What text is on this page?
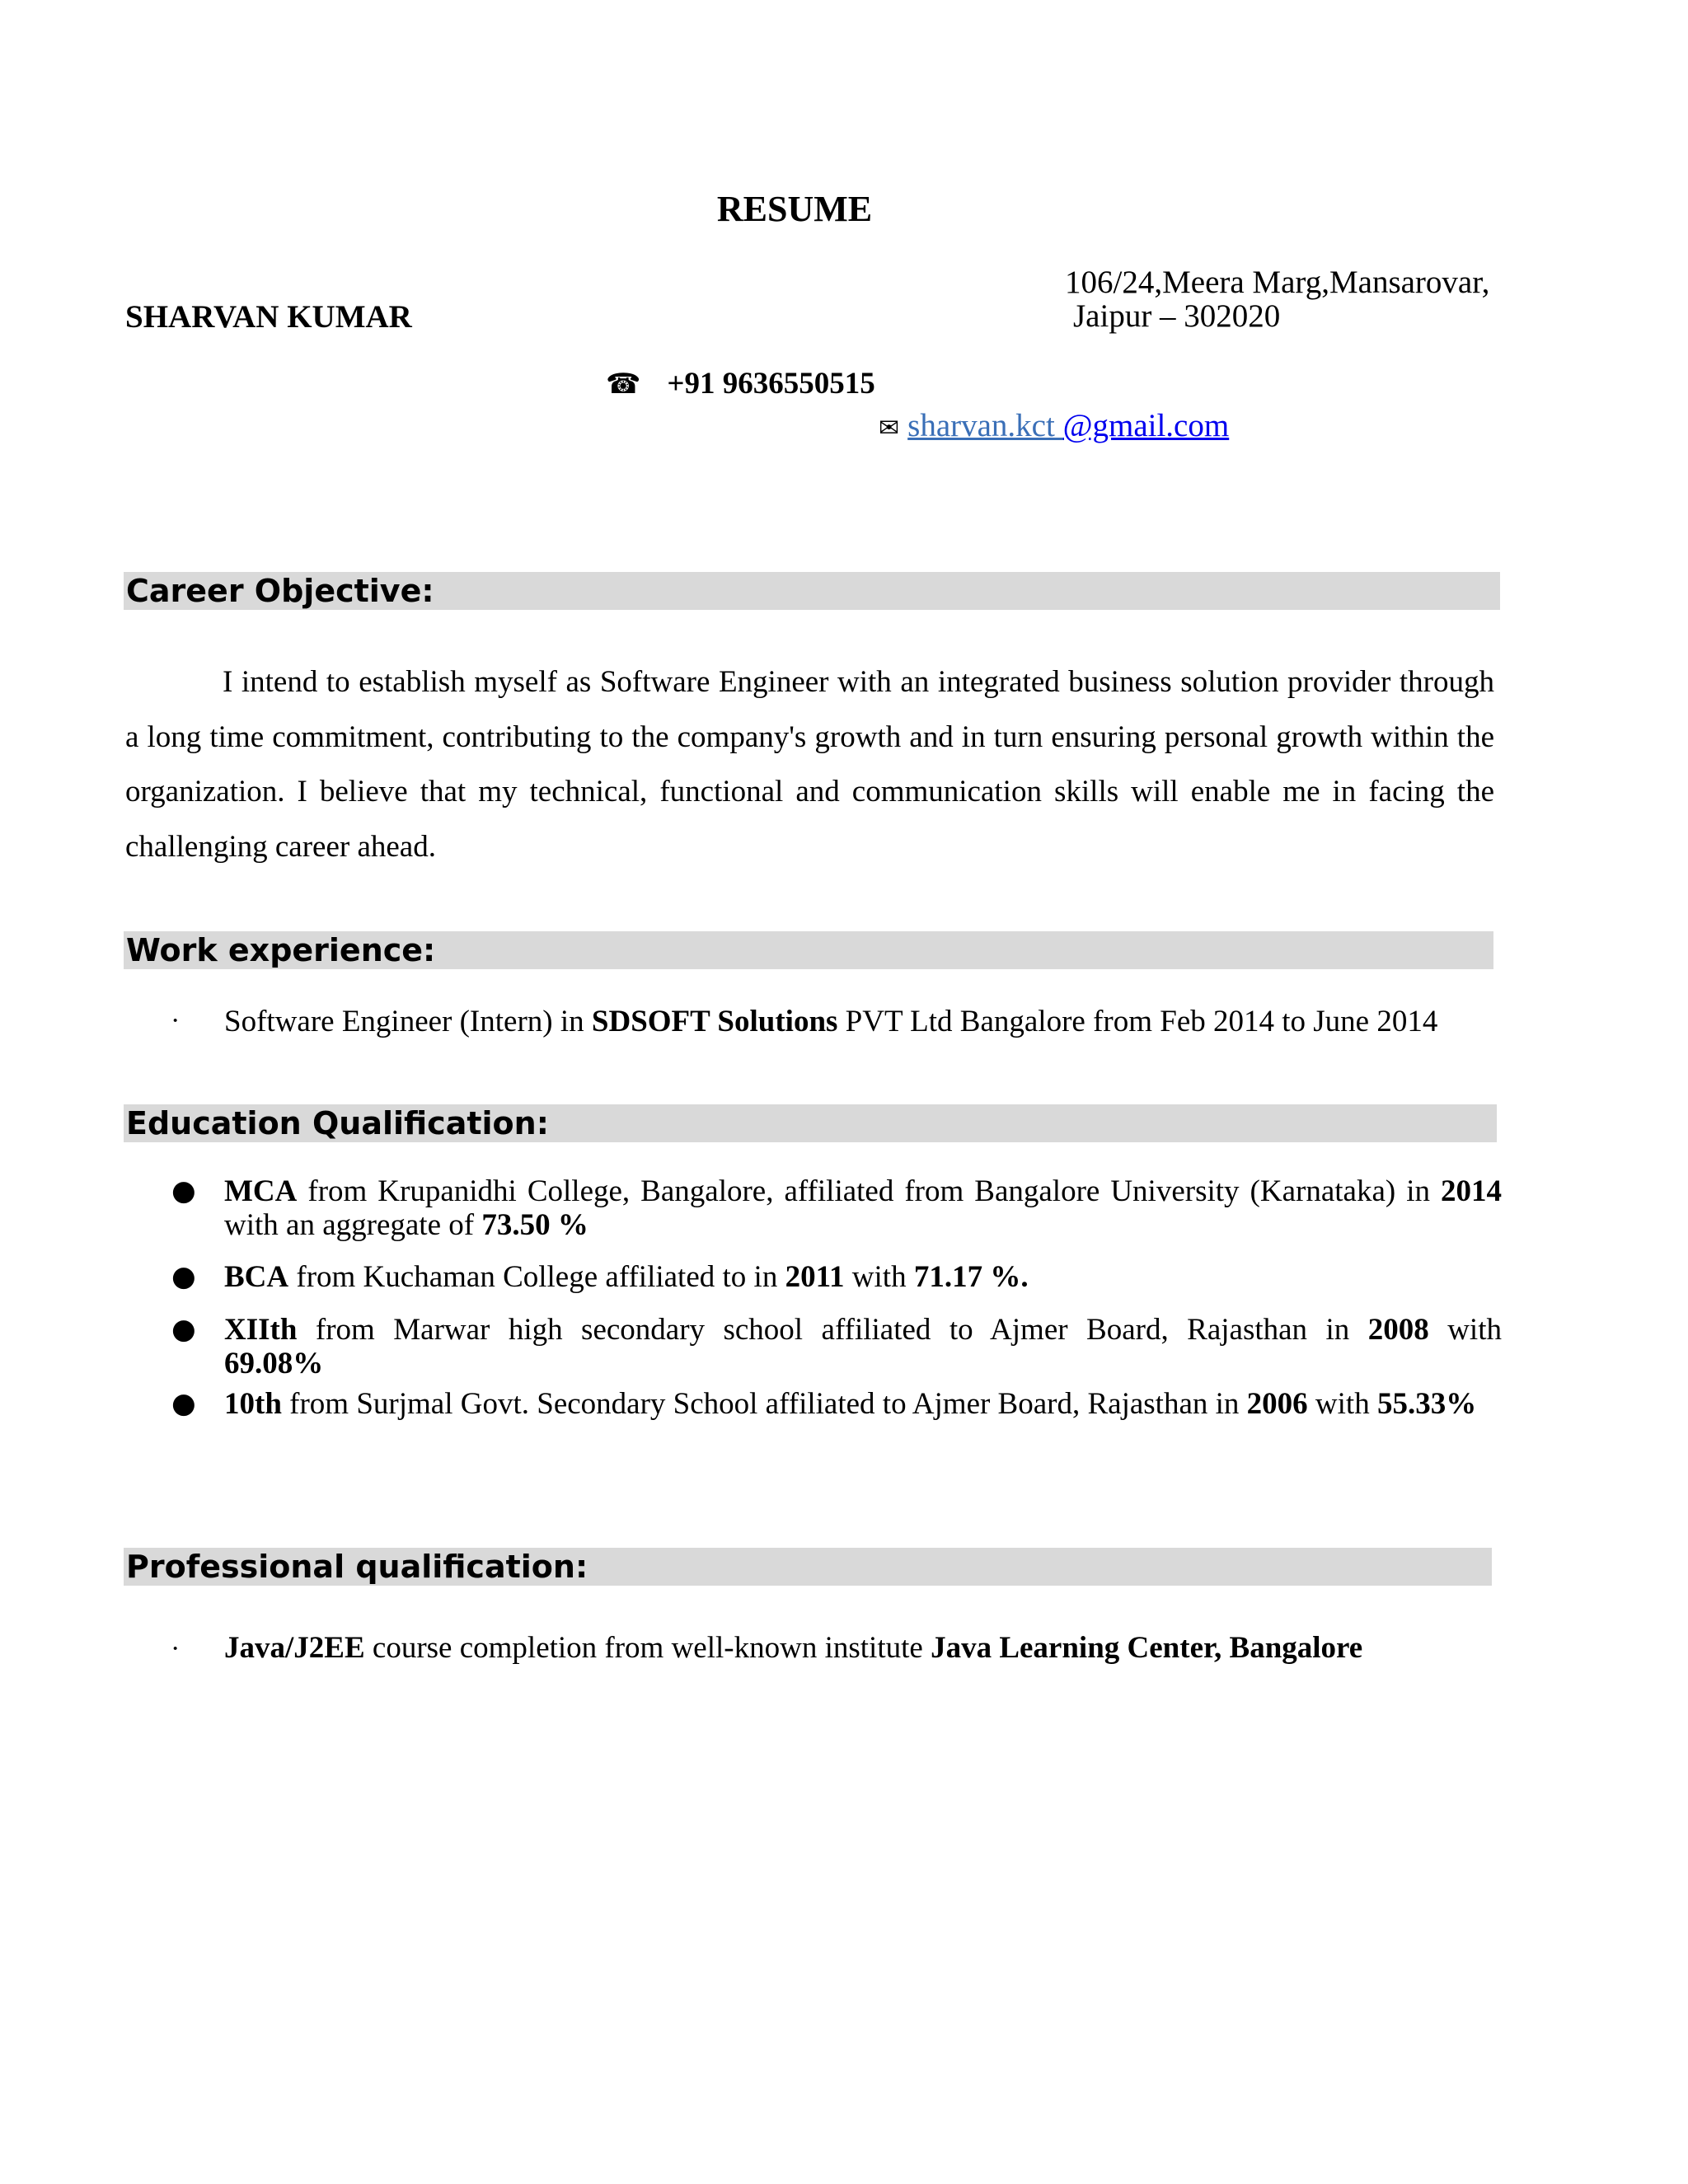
RESUME
SHARVAN KUMAR
106/24,Meera Marg,Mansarovar,
Jaipur – 302020
☎ +91 9636550515
✉ sharvan.kct @gmail.com
Career Objective:
I intend to establish myself as Software Engineer with an integrated business solution provider through a long time commitment, contributing to the company's growth and in turn ensuring personal growth within the organization. I believe that my technical, functional and communication skills will enable me in facing the challenging career ahead.
Work experience:
· Software Engineer (Intern) in SDSOFT Solutions PVT Ltd Bangalore from Feb 2014 to June 2014
Education Qualification:
● MCA from Krupanidhi College, Bangalore, affiliated from Bangalore University (Karnataka) in 2014
with an aggregate of 73.50 %
● BCA from Kuchaman College affiliated to in 2011 with 71.17 %.
● XIIth from Marwar high secondary school affiliated to Ajmer Board, Rajasthan in 2008 with
69.08%
● 10th from Surjmal Govt. Secondary School affiliated to Ajmer Board, Rajasthan in 2006 with 55.33%
Professional qualification:
· Java/J2EE course completion from well-known institute Java Learning Center, Bangalore
